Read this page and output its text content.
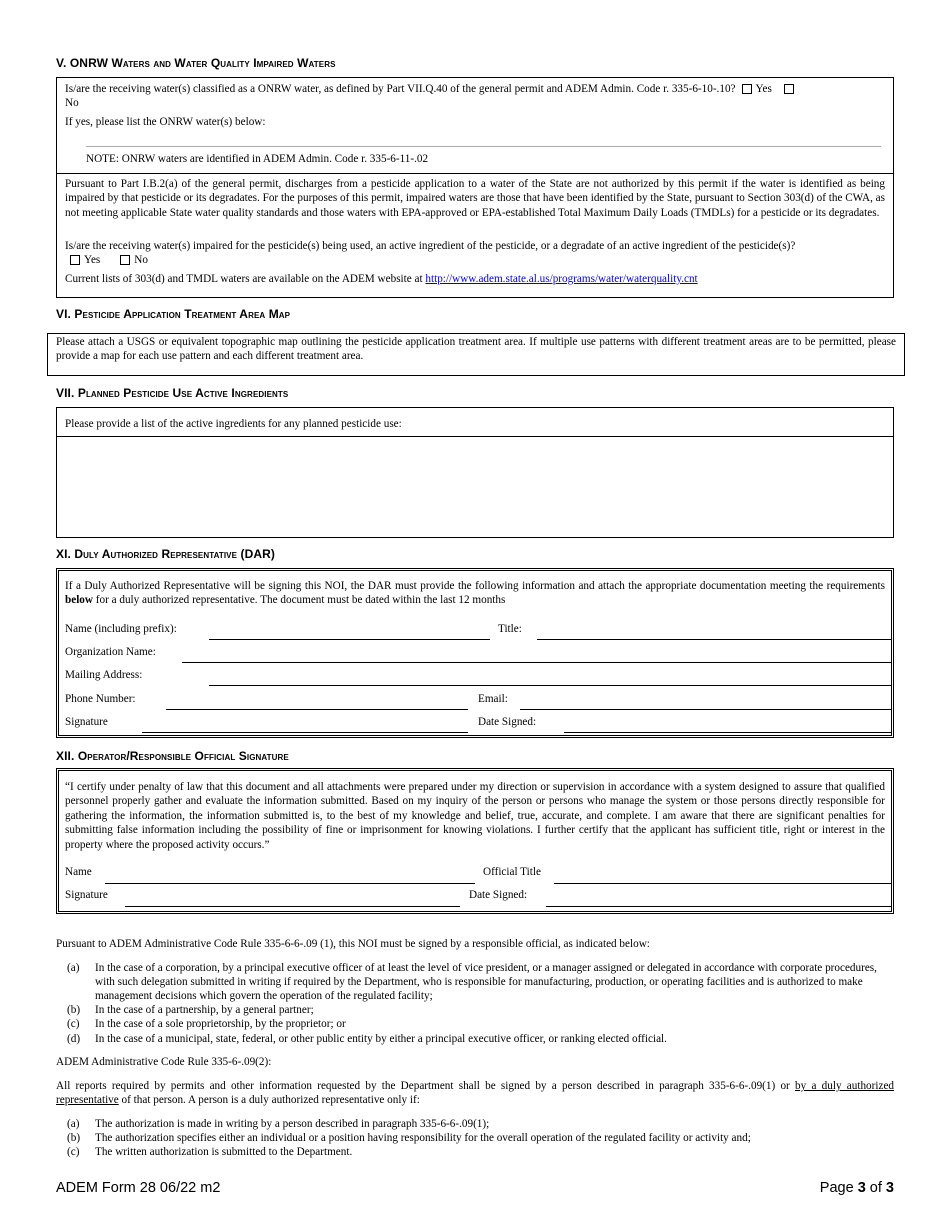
V. ONRW Waters and Water Quality Impaired Waters
Is/are the receiving water(s) classified as a ONRW water, as defined by Part VII.Q.40 of the general permit and ADEM Admin. Code r. 335-6-10-.10? Yes
No
If yes, please list the ONRW water(s) below:
NOTE: ONRW waters are identified in ADEM Admin. Code r. 335-6-11-.02
Pursuant to Part I.B.2(a) of the general permit, discharges from a pesticide application to a water of the State are not authorized by this permit if the water is identified as being impaired by that pesticide or its degradates. For the purposes of this permit, impaired waters are those that have been identified by the State, pursuant to Section 303(d) of the CWA, as not meeting applicable State water quality standards and those waters with EPA-approved or EPA-established Total Maximum Daily Loads (TMDLs) for a pesticide or its degradates.
Is/are the receiving water(s) impaired for the pesticide(s) being used, an active ingredient of the pesticide, or a degradate of an active ingredient of the pesticide(s)?
Yes	No
Current lists of 303(d) and TMDL waters are available on the ADEM website at http://www.adem.state.al.us/programs/water/waterquality.cnt
VI. Pesticide Application Treatment Area Map
Please attach a USGS or equivalent topographic map outlining the pesticide application treatment area. If multiple use patterns with different treatment areas are to be permitted, please provide a map for each use pattern and each different treatment area.
VII. Planned Pesticide Use Active Ingredients
Please provide a list of the active ingredients for any planned pesticide use:
XI. Duly Authorized Representative (DAR)
If a Duly Authorized Representative will be signing this NOI, the DAR must provide the following information and attach the appropriate documentation meeting the requirements below for a duly authorized representative. The document must be dated within the last 12 months
Name (including prefix):	Title:
Organization Name:
Mailing Address:
Phone Number:	Email:
Signature	Date Signed:
XII. Operator/Responsible Official Signature
“I certify under penalty of law that this document and all attachments were prepared under my direction or supervision in accordance with a system designed to assure that qualified personnel properly gather and evaluate the information submitted. Based on my inquiry of the person or persons who manage the system or those persons directly responsible for gathering the information, the information submitted is, to the best of my knowledge and belief, true, accurate, and complete. I am aware that there are significant penalties for submitting false information including the possibility of fine or imprisonment for knowing violations. I further certify that the applicant has sufficient title, right or interest in the property where the proposed activity occurs.”
Name	Official Title
Signature	Date Signed:
Pursuant to ADEM Administrative Code Rule 335-6-6-.09 (1), this NOI must be signed by a responsible official, as indicated below:
(a) In the case of a corporation, by a principal executive officer of at least the level of vice president, or a manager assigned or delegated in accordance with corporate procedures, with such delegation submitted in writing if required by the Department, who is responsible for manufacturing, production, or operating facilities and is authorized to make management decisions which govern the operation of the regulated facility;
(b) In the case of a partnership, by a general partner;
(c) In the case of a sole proprietorship, by the proprietor; or
(d) In the case of a municipal, state, federal, or other public entity by either a principal executive officer, or ranking elected official.
ADEM Administrative Code Rule 335-6-.09(2):
All reports required by permits and other information requested by the Department shall be signed by a person described in paragraph 335-6-6-.09(1) or by a duly authorized representative of that person. A person is a duly authorized representative only if:
(a) The authorization is made in writing by a person described in paragraph 335-6-6-.09(1);
(b) The authorization specifies either an individual or a position having responsibility for the overall operation of the regulated facility or activity and;
(c) The written authorization is submitted to the Department.
ADEM Form 28 06/22 m2	Page 3 of 3
